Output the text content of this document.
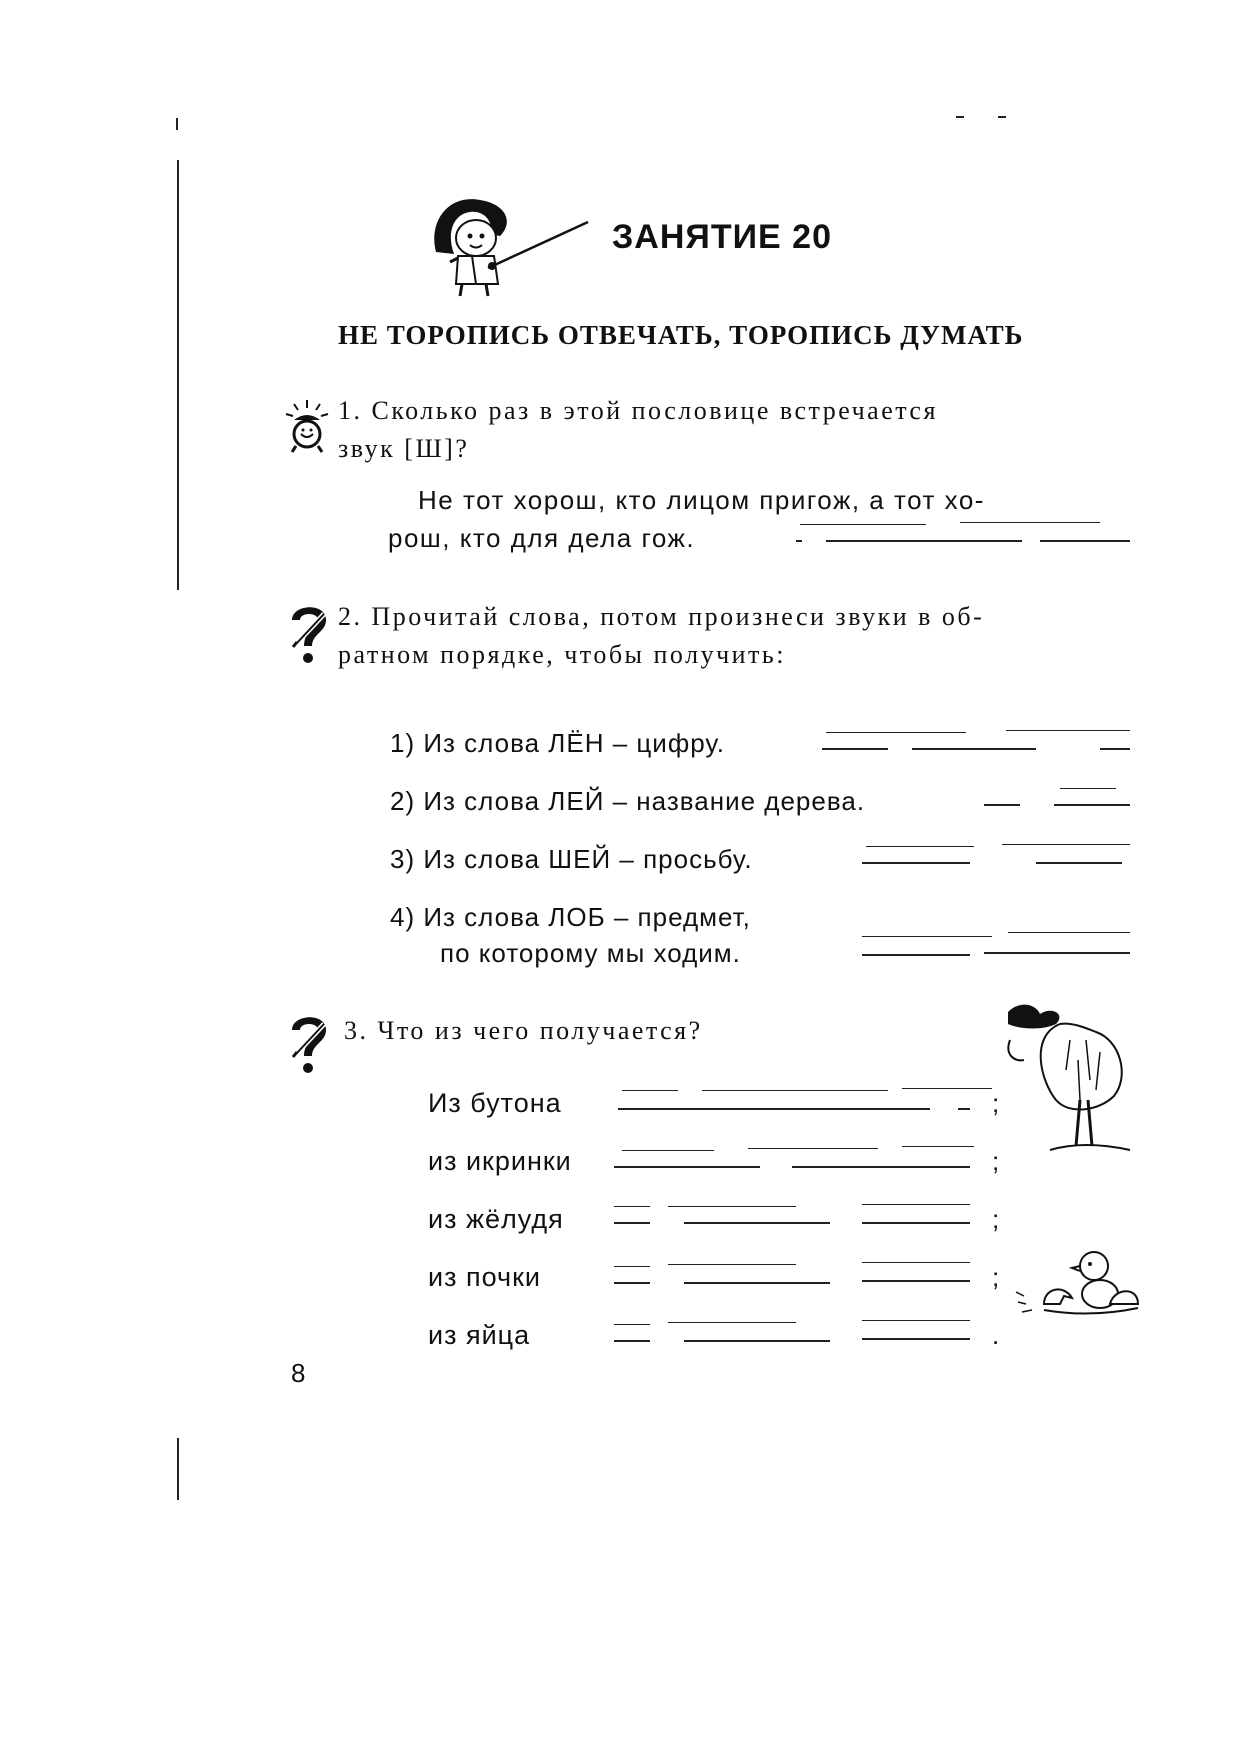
ЗАНЯТИЕ 20
НЕ ТОРОПИСЬ ОТВЕЧАТЬ, ТОРОПИСЬ ДУМАТЬ
1. Сколько раз в этой пословице встречается
звук [Ш]?
Не тот хорош, кто лицом пригож, а тот хо-
рош, кто для дела гож.
2. Прочитай слова, потом произнеси звуки в об-
ратном порядке, чтобы получить:
1) Из слова ЛЁН – цифру.
2) Из слова ЛЕЙ – название дерева.
3) Из слова ШЕЙ – просьбу.
4) Из слова ЛОБ – предмет,
по которому мы ходим.
3. Что из чего получается?
Из бутона	;
из икринки	;
из жёлудя	;
из почки	;
из яйца	.
8
